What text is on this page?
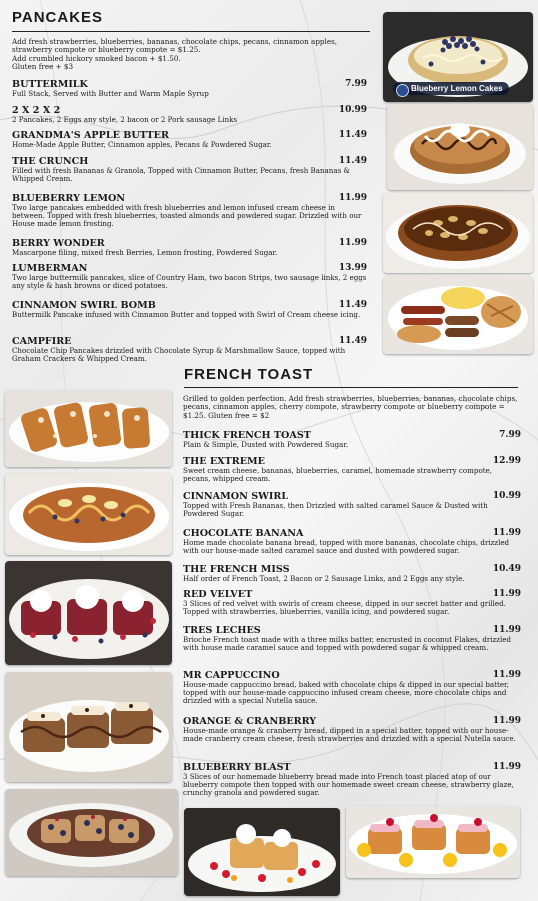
PANCAKES
Add fresh strawberries, blueberries, bananas, chocolate chips, pecans, cinnamon apples, strawberry compote or blueberry compote = $1.25.
Add crumbled hickory smoked bacon + $1.50.
Gluten free + $3
BUTTERMILK	7.99
Full Stack, Served with Butter and Warm Maple Syrup
2 X 2 X 2	10.99
2 Pancakes, 2 Eggs any style, 2 bacon or 2 Pork sausage Links
GRANDMA'S APPLE BUTTER	11.49
Home-Made Apple Butter, Cinnamon apples, Pecans & Powdered Sugar.
THE CRUNCH	11.49
Filled with fresh Bananas & Granola, Topped with Cinnamon Butter, Pecans, fresh Bananas & Whipped Cream.
BLUEBERRY LEMON	11.99
Two large pancakes embedded with fresh blueberries and lemon infused cream cheese in between. Topped with fresh blueberries, toasted almonds and powdered sugar. Drizzled with our House made lemon frosting.
BERRY WONDER	11.99
Mascarpone filing, mixed fresh Berries, Lemon frosting, Powdered Sugar.
LUMBERMAN	13.99
Two large buttermilk pancakes, slice of Country Ham, two bacon Strips, two sausage links, 2 eggs any style & hash browns or diced potatoes.
CINNAMON SWIRL BOMB	11.49
Buttermilk Pancake infused with Cinnamon Butter and topped with Swirl of Cream cheese icing.
CAMPFIRE	11.49
Chocolate Chip Pancakes drizzled with Chocolate Syrup & Marshmallow Sauce, topped with Graham Crackers & Whipped Cream.
Blueberry Lemon Cakes
FRENCH TOAST
Grilled to golden perfection. Add fresh strawberries, blueberries, bananas, chocolate chips, pecans, cinnamon apples, cherry compote, strawberry compote or blueberry compote = $1.25. Gluten free = $2
THICK FRENCH TOAST	7.99
Plain & Simple, Dusted with Powdered Sugar.
THE EXTREME	12.99
Sweet cream cheese, bananas, blueberries, caramel, homemade strawberry compote, pecans, whipped cream.
CINNAMON SWIRL	10.99
Topped with Fresh Bananas, then Drizzled with salted caramel Sauce & Dusted with Powdered Sugar.
CHOCOLATE BANANA	11.99
Home made chocolate banana bread, topped with more bananas, chocolate chips, drizzled with our house-made salted caramel sauce and dusted with powdered sugar.
THE FRENCH MISS	10.49
Half order of French Toast, 2 Bacon or 2 Sausage Links, and 2 Eggs any style.
RED VELVET	11.99
3 Slices of red velvet with swirls of cream cheese, dipped in our secret batter and grilled. Topped with strawberries, blueberries, vanilla icing, and powdered sugar.
TRES LECHES	11.99
Brioche French toast made with a three milks batter, encrusted in coconut Flakes, drizzled with house made caramel sauce and topped with powdered sugar & whipped cream.
MR CAPPUCCINO	11.99
House-made cappuccino bread, baked with chocolate chips & dipped in our special batter, topped with our house-made cappuccino infused cream cheese, more chocolate chips and drizzled with a special Nutella sauce.
ORANGE & CRANBERRY	11.99
House-made orange & cranberry bread, dipped in a special batter, topped with our house-made cranberry cream cheese, fresh strawberries and drizzled with a special Nutella sauce.
BLUEBERRY BLAST	11.99
3 Slices of our homemade blueberry bread made into French toast placed atop of our blueberry compote then topped with our homemade sweet cream cheese, strawberry glaze, crunchy granola and powdered sugar.
